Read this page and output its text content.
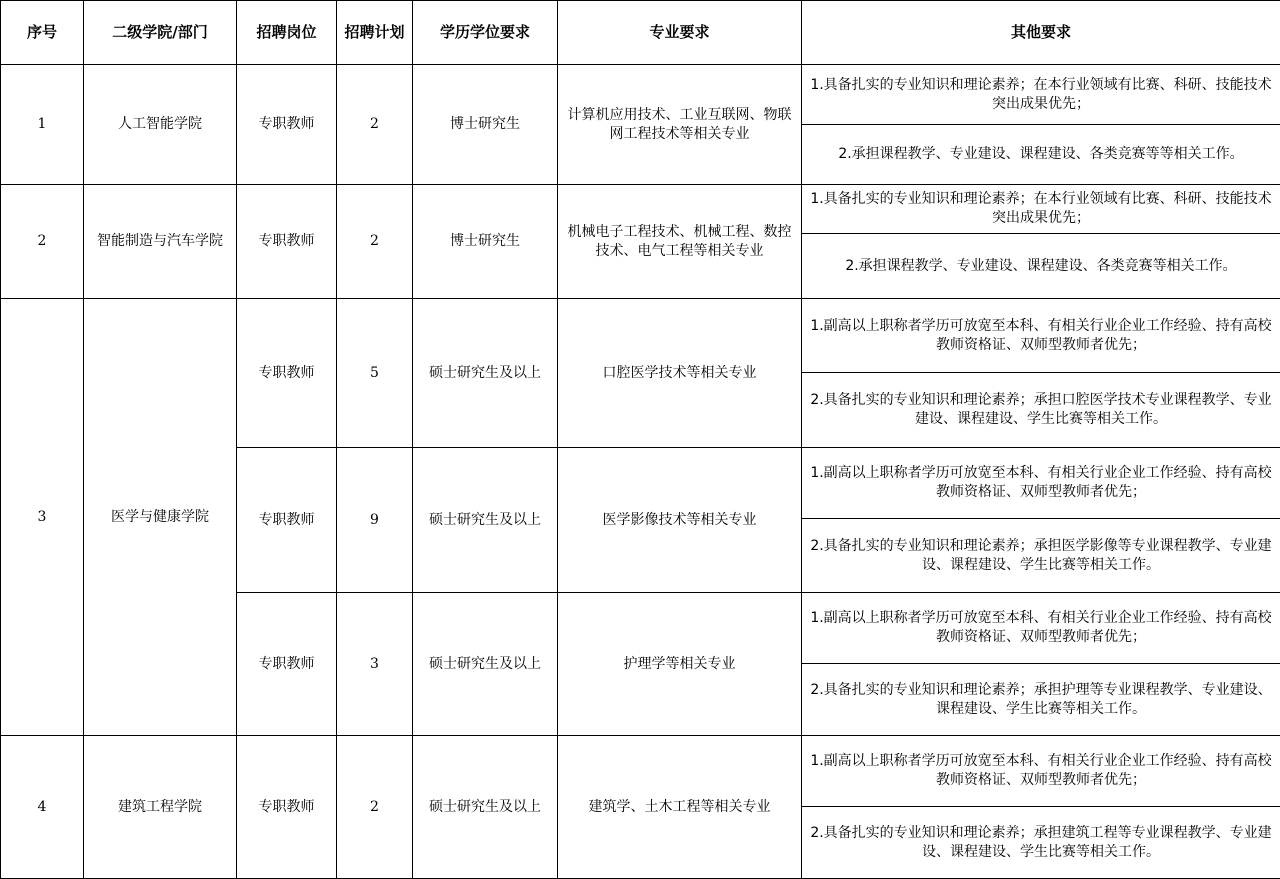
序号	二级学院/部门	招聘岗位	招聘计划	学历学位要求	专业要求	其他要求
1	人工智能学院	专职教师	2	博士研究生	计算机应用技术、工业互联网、物联网工程技术等相关专业	1.具备扎实的专业知识和理论素养；在本行业领域有比赛、科研、技能技术突出成果优先；
						2.承担课程教学、专业建设、课程建设、各类竞赛等等相关工作。
2	智能制造与汽车学院	专职教师	2	博士研究生	机械电子工程技术、机械工程、数控技术、电气工程等相关专业	1.具备扎实的专业知识和理论素养；在本行业领域有比赛、科研、技能技术突出成果优先；
						2.承担课程教学、专业建设、课程建设、各类竞赛等相关工作。
3	医学与健康学院	专职教师	5	硕士研究生及以上	口腔医学技术等相关专业	1.副高以上职称者学历可放宽至本科、有相关行业企业工作经验、持有高校教师资格证、双师型教师者优先；
						2.具备扎实的专业知识和理论素养；承担口腔医学技术专业课程教学、专业建设、课程建设、学生比赛等相关工作。
		专职教师	9	硕士研究生及以上	医学影像技术等相关专业	1.副高以上职称者学历可放宽至本科、有相关行业企业工作经验、持有高校教师资格证、双师型教师者优先；
						2.具备扎实的专业知识和理论素养；承担医学影像等专业课程教学、专业建设、课程建设、学生比赛等相关工作。
		专职教师	3	硕士研究生及以上	护理学等相关专业	1.副高以上职称者学历可放宽至本科、有相关行业企业工作经验、持有高校教师资格证、双师型教师者优先；
						2.具备扎实的专业知识和理论素养；承担护理等专业课程教学、专业建设、课程建设、学生比赛等相关工作。
4	建筑工程学院	专职教师	2	硕士研究生及以上	建筑学、土木工程等相关专业	1.副高以上职称者学历可放宽至本科、有相关行业企业工作经验、持有高校教师资格证、双师型教师者优先；
						2.具备扎实的专业知识和理论素养；承担建筑工程等专业课程教学、专业建设、课程建设、学生比赛等相关工作。
